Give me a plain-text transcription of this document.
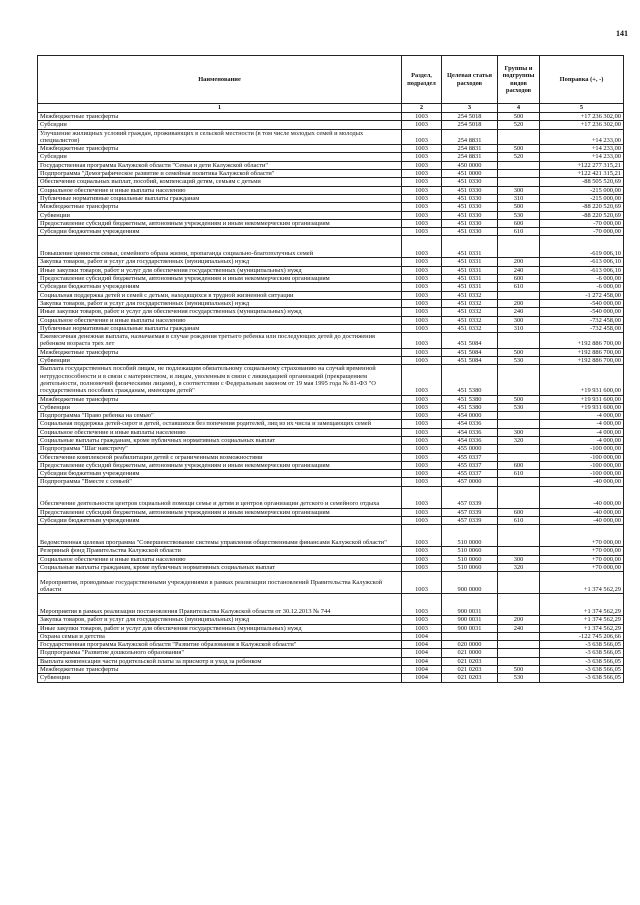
141
Наименование	Раздел, подраздел	Целевая статья расходов	Группы и подгруппы видов расходов	Поправка (+, -)
1	2	3	4	5
Межбюджетные трансферты	1003	254 5018	500	+17 236 302,00
Субсидии	1003	254 5018	520	+17 236 302,00
Улучшение жилищных условий граждан, проживающих в сельской местности (в том числе молодых семей и молодых специалистов)	1003	254 8831		+14 233,00
Межбюджетные трансферты	1003	254 8831	500	+14 233,00
Субсидии	1003	254 8831	520	+14 233,00
Государственная программа Калужской области "Семья и дети Калужской области"	1003	450 0000		+122 277 315,21
Подпрограмма "Демографическое развитие и семейная политика Калужской области"	1003	451 0000		+122 421 315,21
Обеспечение социальных выплат, пособий, компенсаций детям, семьям с детьми	1003	451 0330		-88 505 520,69
Социальное обеспечение и иные выплаты населению	1003	451 0330	300	-215 000,00
Публичные нормативные социальные выплаты гражданам	1003	451 0330	310	-215 000,00
Межбюджетные трансферты	1003	451 0330	500	-88 220 520,69
Субвенции	1003	451 0330	530	-88 220 520,69
Предоставление субсидий бюджетным, автономным учреждениям и иным некоммерческим организациям	1003	451 0330	600	-70 000,00
Субсидии бюджетным учреждениям	1003	451 0330	610	-70 000,00
Повышение ценности семьи, семейного образа жизни, пропаганда социально-благополучных семей	1003	451 0331		-619 006,10
Закупка товаров, работ и услуг для государственных (муниципальных) нужд	1003	451 0331	200	-613 006,10
Иные закупки товаров, работ и услуг для обеспечения государственных (муниципальных) нужд	1003	451 0331	240	-613 006,10
Предоставление субсидий бюджетным, автономным учреждениям и иным некоммерческим организациям	1003	451 0331	600	-6 000,00
Субсидии бюджетным учреждениям	1003	451 0331	610	-6 000,00
Социальная поддержка детей и семей с детьми, находящихся в трудной жизненной ситуации	1003	451 0332		-1 272 458,00
Закупка товаров, работ и услуг для государственных (муниципальных) нужд	1003	451 0332	200	-540 000,00
Иные закупки товаров, работ и услуг для обеспечения государственных (муниципальных) нужд	1003	451 0332	240	-540 000,00
Социальное обеспечение и иные выплаты населению	1003	451 0332	300	-732 458,00
Публичные нормативные социальные выплаты гражданам	1003	451 0332	310	-732 458,00
Ежемесячная денежная выплата, назначаемая в случае рождения третьего ребенка или последующих детей до достижения ребенком возраста трех лет	1003	451 5084		+192 886 700,00
Межбюджетные трансферты	1003	451 5084	500	+192 886 700,00
Субвенции	1003	451 5084	530	+192 886 700,00
Выплата государственных пособий лицам, не подлежащим обязательному социальному страхованию на случай временной нетрудоспособности и в связи с материнством, и лицам, уволенным в связи с ликвидацией организаций (прекращением деятельности, полномочий физическими лицами), в соответствии с Федеральным законом от 19 мая 1995 года № 81-ФЗ "О государственных пособиях гражданам, имеющим детей"	1003	451 5380		+19 931 600,00
Межбюджетные трансферты	1003	451 5380	500	+19 931 600,00
Субвенции	1003	451 5380	530	+19 931 600,00
Подпрограмма "Право ребенка на семью"	1003	454 0000		-4 000,00
Социальная поддержка детей-сирот и детей, оставшихся без попечения родителей, лиц из их числа и замещающих семей	1003	454 0336		-4 000,00
Социальное обеспечение и иные выплаты населению	1003	454 0336	300	-4 000,00
Социальные выплаты гражданам, кроме публичных нормативных социальных выплат	1003	454 0336	320	-4 000,00
Подпрограмма "Шаг навстречу"	1003	455 0000		-100 000,00
Обеспечение комплексной реабилитации детей с ограниченными возможностями	1003	455 0337		-100 000,00
Предоставление субсидий бюджетным, автономным учреждениям и иным некоммерческим организациям	1003	455 0337	600	-100 000,00
Субсидии бюджетным учреждениям	1003	455 0337	610	-100 000,00
Подпрограмма "Вместе с семьей"	1003	457 0000		-40 000,00
Обеспечение деятельности центров социальной помощи семье и детям и центров организации детского и семейного отдыха	1003	457 0339		-40 000,00
Предоставление субсидий бюджетным, автономным учреждениям и иным некоммерческим организациям	1003	457 0339	600	-40 000,00
Субсидии бюджетным учреждениям	1003	457 0339	610	-40 000,00
Ведомственная целевая программа "Совершенствование системы управления общественными финансами Калужской области"	1003	510 0000		+70 000,00
Резервный фонд Правительства Калужской области	1003	510 0060		+70 000,00
Социальное обеспечение и иные выплаты населению	1003	510 0060	300	+70 000,00
Социальные выплаты гражданам, кроме публичных нормативных социальных выплат	1003	510 0060	320	+70 000,00
Мероприятия, проводимые государственными учреждениями в рамках реализации постановлений Правительства Калужской области	1003	900 0000		+1 374 562,29
Мероприятия в рамках реализации постановления Правительства Калужской области от 30.12.2013 № 744	1003	900 0031		+1 374 562,29
Закупка товаров, работ и услуг для государственных (муниципальных) нужд	1003	900 0031	200	+1 374 562,29
Иные закупки товаров, работ и услуг для обеспечения государственных (муниципальных) нужд	1003	900 0031	240	+1 374 562,29
Охрана семьи и детства	1004			-122 745 206,66
Государственная программа Калужской области "Развитие образования в Калужской области"	1004	020 0000		-3 638 566,05
Подпрограмма "Развитие дошкольного образования"	1004	021 0000		-3 638 566,05
Выплата компенсации части родительской платы за присмотр и уход за ребенком	1004	021 0203		-3 638 566,05
Межбюджетные трансферты	1004	021 0203	500	-3 638 566,05
Субвенции	1004	021 0203	530	-3 638 566,05
